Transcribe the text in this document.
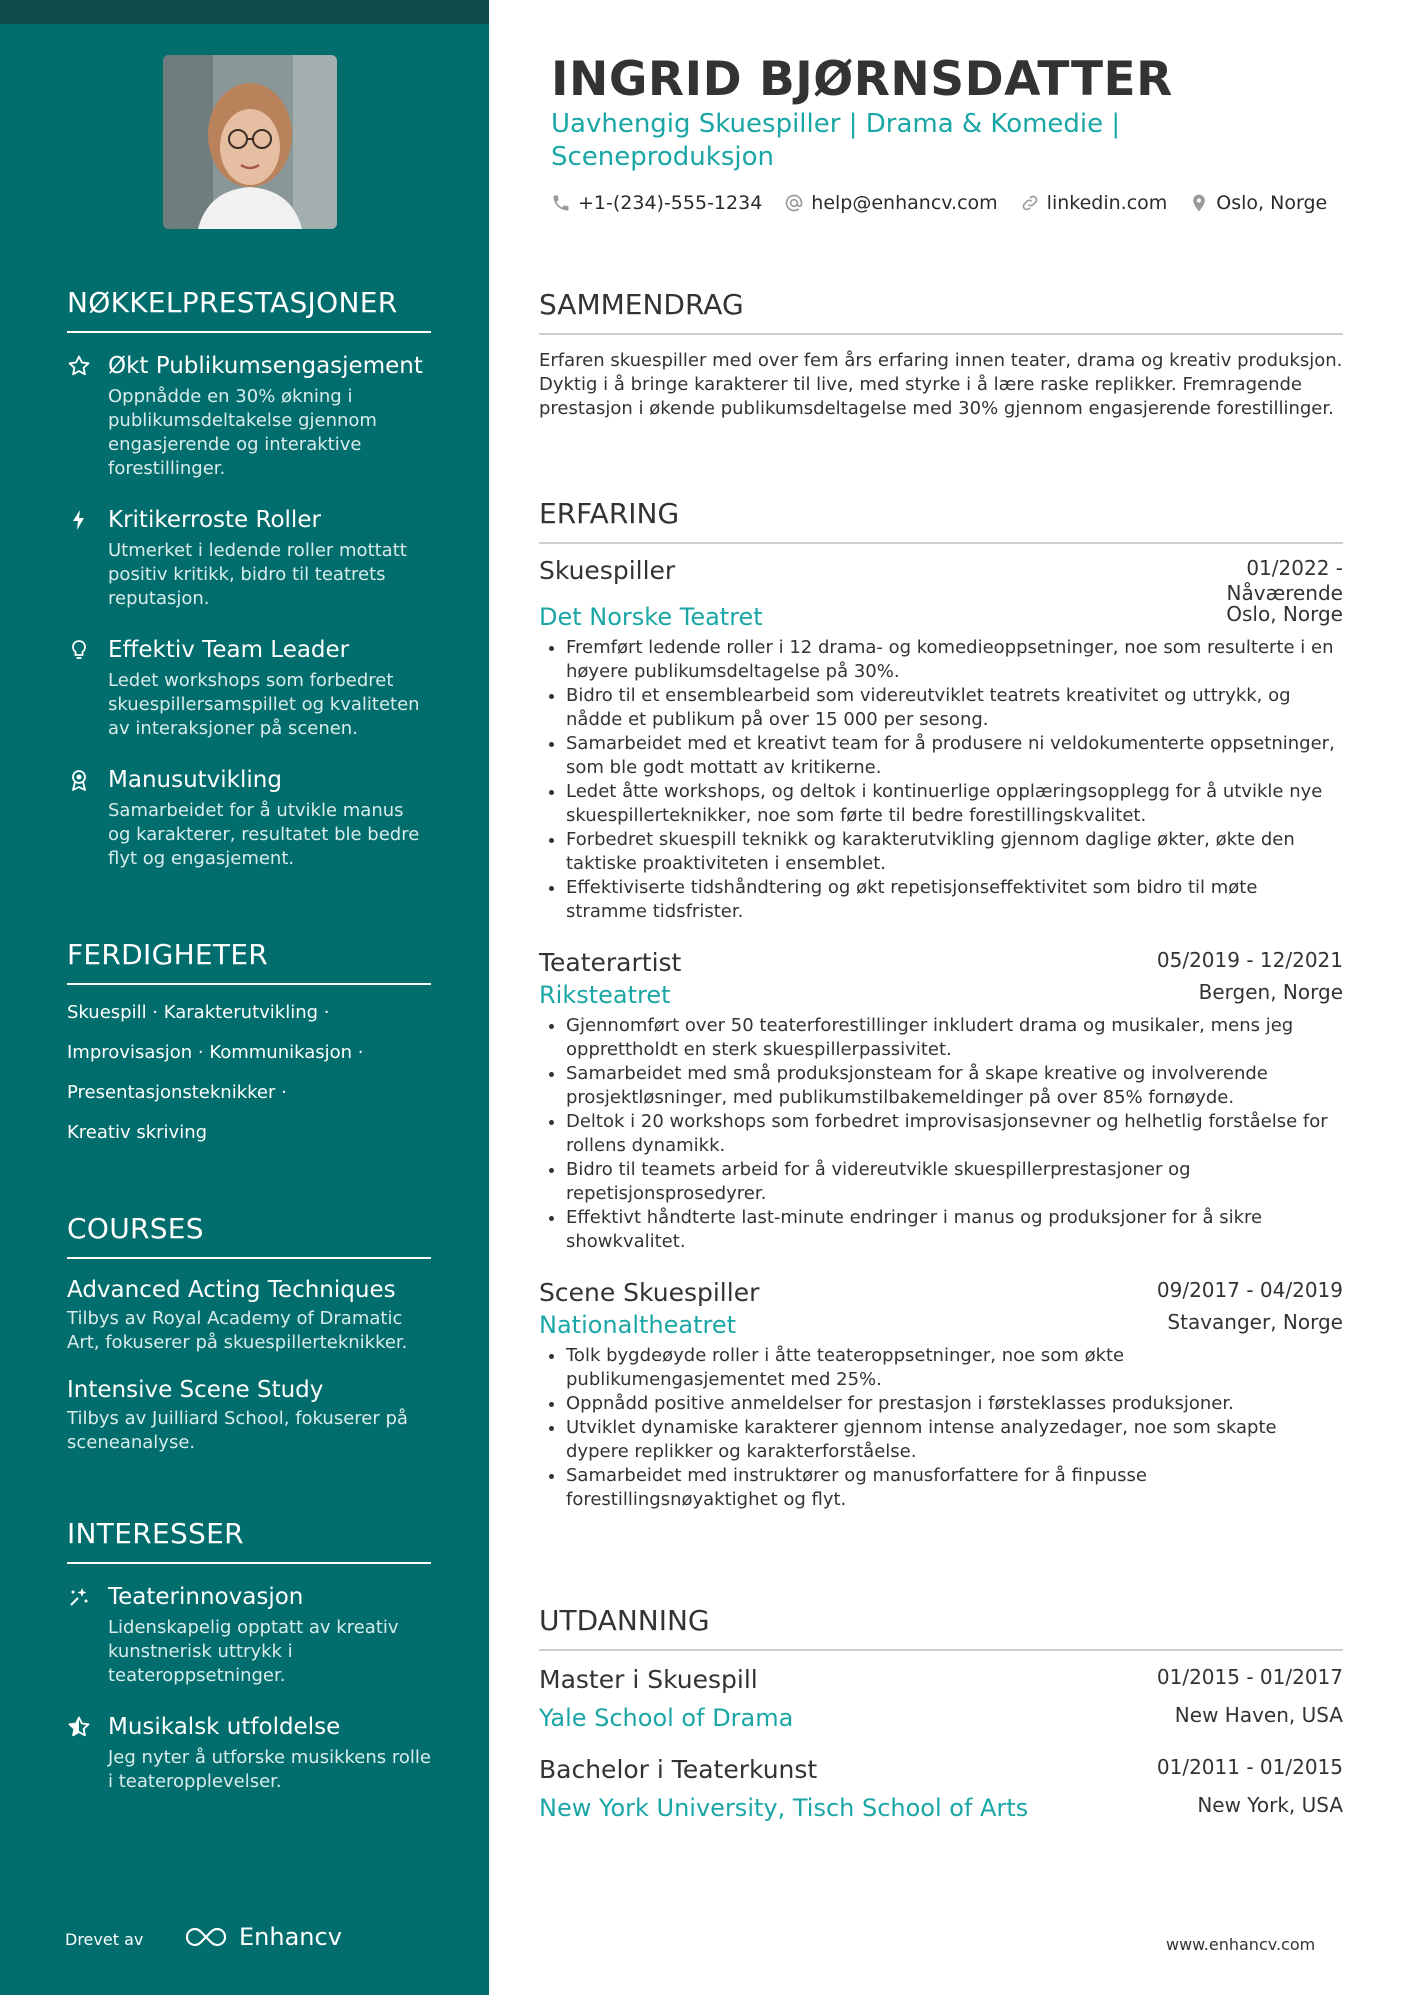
NØKKELPRESTASJONER
Økt Publikumsengasjement
Oppnådde en 30% økning i publikumsdeltakelse gjennom engasjerende og interaktive forestillinger.
Kritikerroste Roller
Utmerket i ledende roller mottatt positiv kritikk, bidro til teatrets reputasjon.
Effektiv Team Leader
Ledet workshops som forbedret skuespillersamspillet og kvaliteten av interaksjoner på scenen.
Manusutvikling
Samarbeidet for å utvikle manus og karakterer, resultatet ble bedre flyt og engasjement.
FERDIGHETER
Skuespill · Karakterutvikling ·
Improvisasjon · Kommunikasjon ·
Presentasjonsteknikker ·
Kreativ skriving
COURSES
Advanced Acting Techniques
Tilbys av Royal Academy of Dramatic Art, fokuserer på skuespillerteknikker.
Intensive Scene Study
Tilbys av Juilliard School, fokuserer på sceneanalyse.
INTERESSER
Teaterinnovasjon
Lidenskapelig opptatt av kreativ kunstnerisk uttrykk i teateroppsetninger.
Musikalsk utfoldelse
Jeg nyter å utforske musikkens rolle i teateropplevelser.
Drevet av	Enhancv
INGRID BJØRNSDATTER
Uavhengig Skuespiller | Drama & Komedie | Sceneproduksjon
+1-(234)-555-1234	help@enhancv.com	linkedin.com	Oslo, Norge
SAMMENDRAG
Erfaren skuespiller med over fem års erfaring innen teater, drama og kreativ produksjon. Dyktig i å bringe karakterer til live, med styrke i å lære raske replikker. Fremragende prestasjon i økende publikumsdeltagelse med 30% gjennom engasjerende forestillinger.
ERFARING
Skuespiller	01/2022 -
Nåværende
Det Norske Teatret	Oslo, Norge
• Fremført ledende roller i 12 drama- og komedieoppsetninger, noe som resulterte i en høyere publikumsdeltagelse på 30%.
• Bidro til et ensemblearbeid som videreutviklet teatrets kreativitet og uttrykk, og nådde et publikum på over 15 000 per sesong.
• Samarbeidet med et kreativt team for å produsere ni veldokumenterte oppsetninger, som ble godt mottatt av kritikerne.
• Ledet åtte workshops, og deltok i kontinuerlige opplæringsopplegg for å utvikle nye skuespillerteknikker, noe som førte til bedre forestillingskvalitet.
• Forbedret skuespill teknikk og karakterutvikling gjennom daglige økter, økte den taktiske proaktiviteten i ensemblet.
• Effektiviserte tidshåndtering og økt repetisjonseffektivitet som bidro til møte stramme tidsfrister.
Teaterartist	05/2019 - 12/2021
Riksteatret	Bergen, Norge
• Gjennomført over 50 teaterforestillinger inkludert drama og musikaler, mens jeg opprettholdt en sterk skuespillerpassivitet.
• Samarbeidet med små produksjonsteam for å skape kreative og involverende prosjektløsninger, med publikumstilbakemeldinger på over 85% fornøyde.
• Deltok i 20 workshops som forbedret improvisasjonsevner og helhetlig forståelse for rollens dynamikk.
• Bidro til teamets arbeid for å videreutvikle skuespillerprestasjoner og repetisjonsprosedyrer.
• Effektivt håndterte last-minute endringer i manus og produksjoner for å sikre showkvalitet.
Scene Skuespiller	09/2017 - 04/2019
Nationaltheatret	Stavanger, Norge
• Tolk bygdeøyde roller i åtte teateroppsetninger, noe som økte publikumengasjementet med 25%.
• Oppnådd positive anmeldelser for prestasjon i førsteklasses produksjoner.
• Utviklet dynamiske karakterer gjennom intense analyzedager, noe som skapte dypere replikker og karakterforståelse.
• Samarbeidet med instruktører og manusforfattere for å finpusse forestillingsnøyaktighet og flyt.
UTDANNING
Master i Skuespill	01/2015 - 01/2017
Yale School of Drama	New Haven, USA
Bachelor i Teaterkunst	01/2011 - 01/2015
New York University, Tisch School of Arts	New York, USA
www.enhancv.com
